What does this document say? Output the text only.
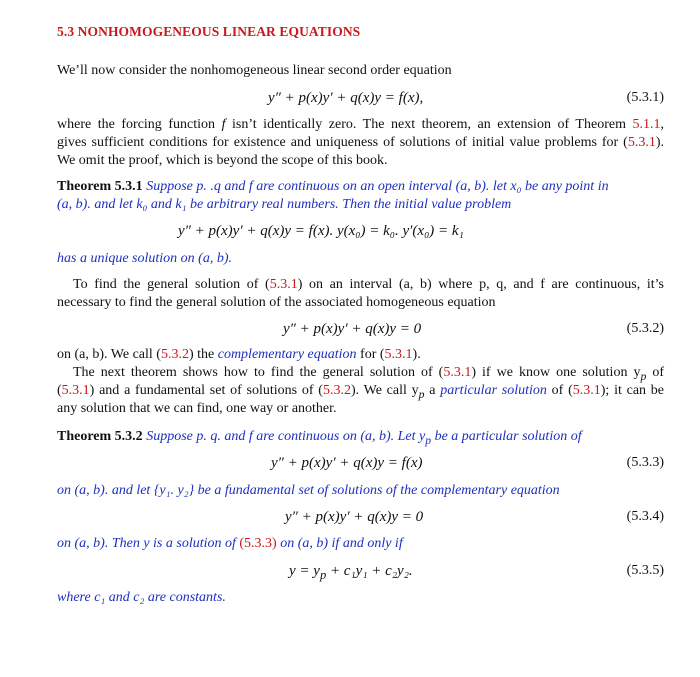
5.3 NONHOMOGENEOUS LINEAR EQUATIONS
We’ll now consider the nonhomogeneous linear second order equation
y″ + p(x)y′ + q(x)y = f(x),	(5.3.1)
where the forcing function f isn’t identically zero. The next theorem, an extension of Theorem 5.1.1,
gives sufficient conditions for existence and uniqueness of solutions of initial value problems for (5.3.1).
We omit the proof, which is beyond the scope of this book.
Theorem 5.3.1 Suppose p. .q and f are continuous on an open interval (a, b). let x₀ be any point in
(a, b). and let k₀ and k₁ be arbitrary real numbers. Then the initial value problem
y″ + p(x)y′ + q(x)y = f(x). y(x₀) = k₀. y′(x₀) = k₁
has a unique solution on (a, b).
To find the general solution of (5.3.1) on an interval (a, b) where p, q, and f are continuous, it’s
necessary to find the general solution of the associated homogeneous equation
y″ + p(x)y′ + q(x)y = 0	(5.3.2)
on (a, b). We call (5.3.2) the complementary equation for (5.3.1).
The next theorem shows how to find the general solution of (5.3.1) if we know one solution $y_p$ of
(5.3.1) and a fundamental set of solutions of (5.3.2). We call $y_p$ a particular solution of (5.3.1); it can be
any solution that we can find, one way or another.
Theorem 5.3.2 Suppose p. q. and f are continuous on (a, b). Let $y_p$ be a particular solution of
y″ + p(x)y′ + q(x)y = f(x)	(5.3.3)
on (a, b). and let {y₁. y₂} be a fundamental set of solutions of the complementary equation
y″ + p(x)y′ + q(x)y = 0	(5.3.4)
on (a, b). Then y is a solution of (5.3.3) on (a, b) if and only if
$y = y_p + c_1y_1 + c_2y_2$.	(5.3.5)
where c₁ and c₂ are constants.
